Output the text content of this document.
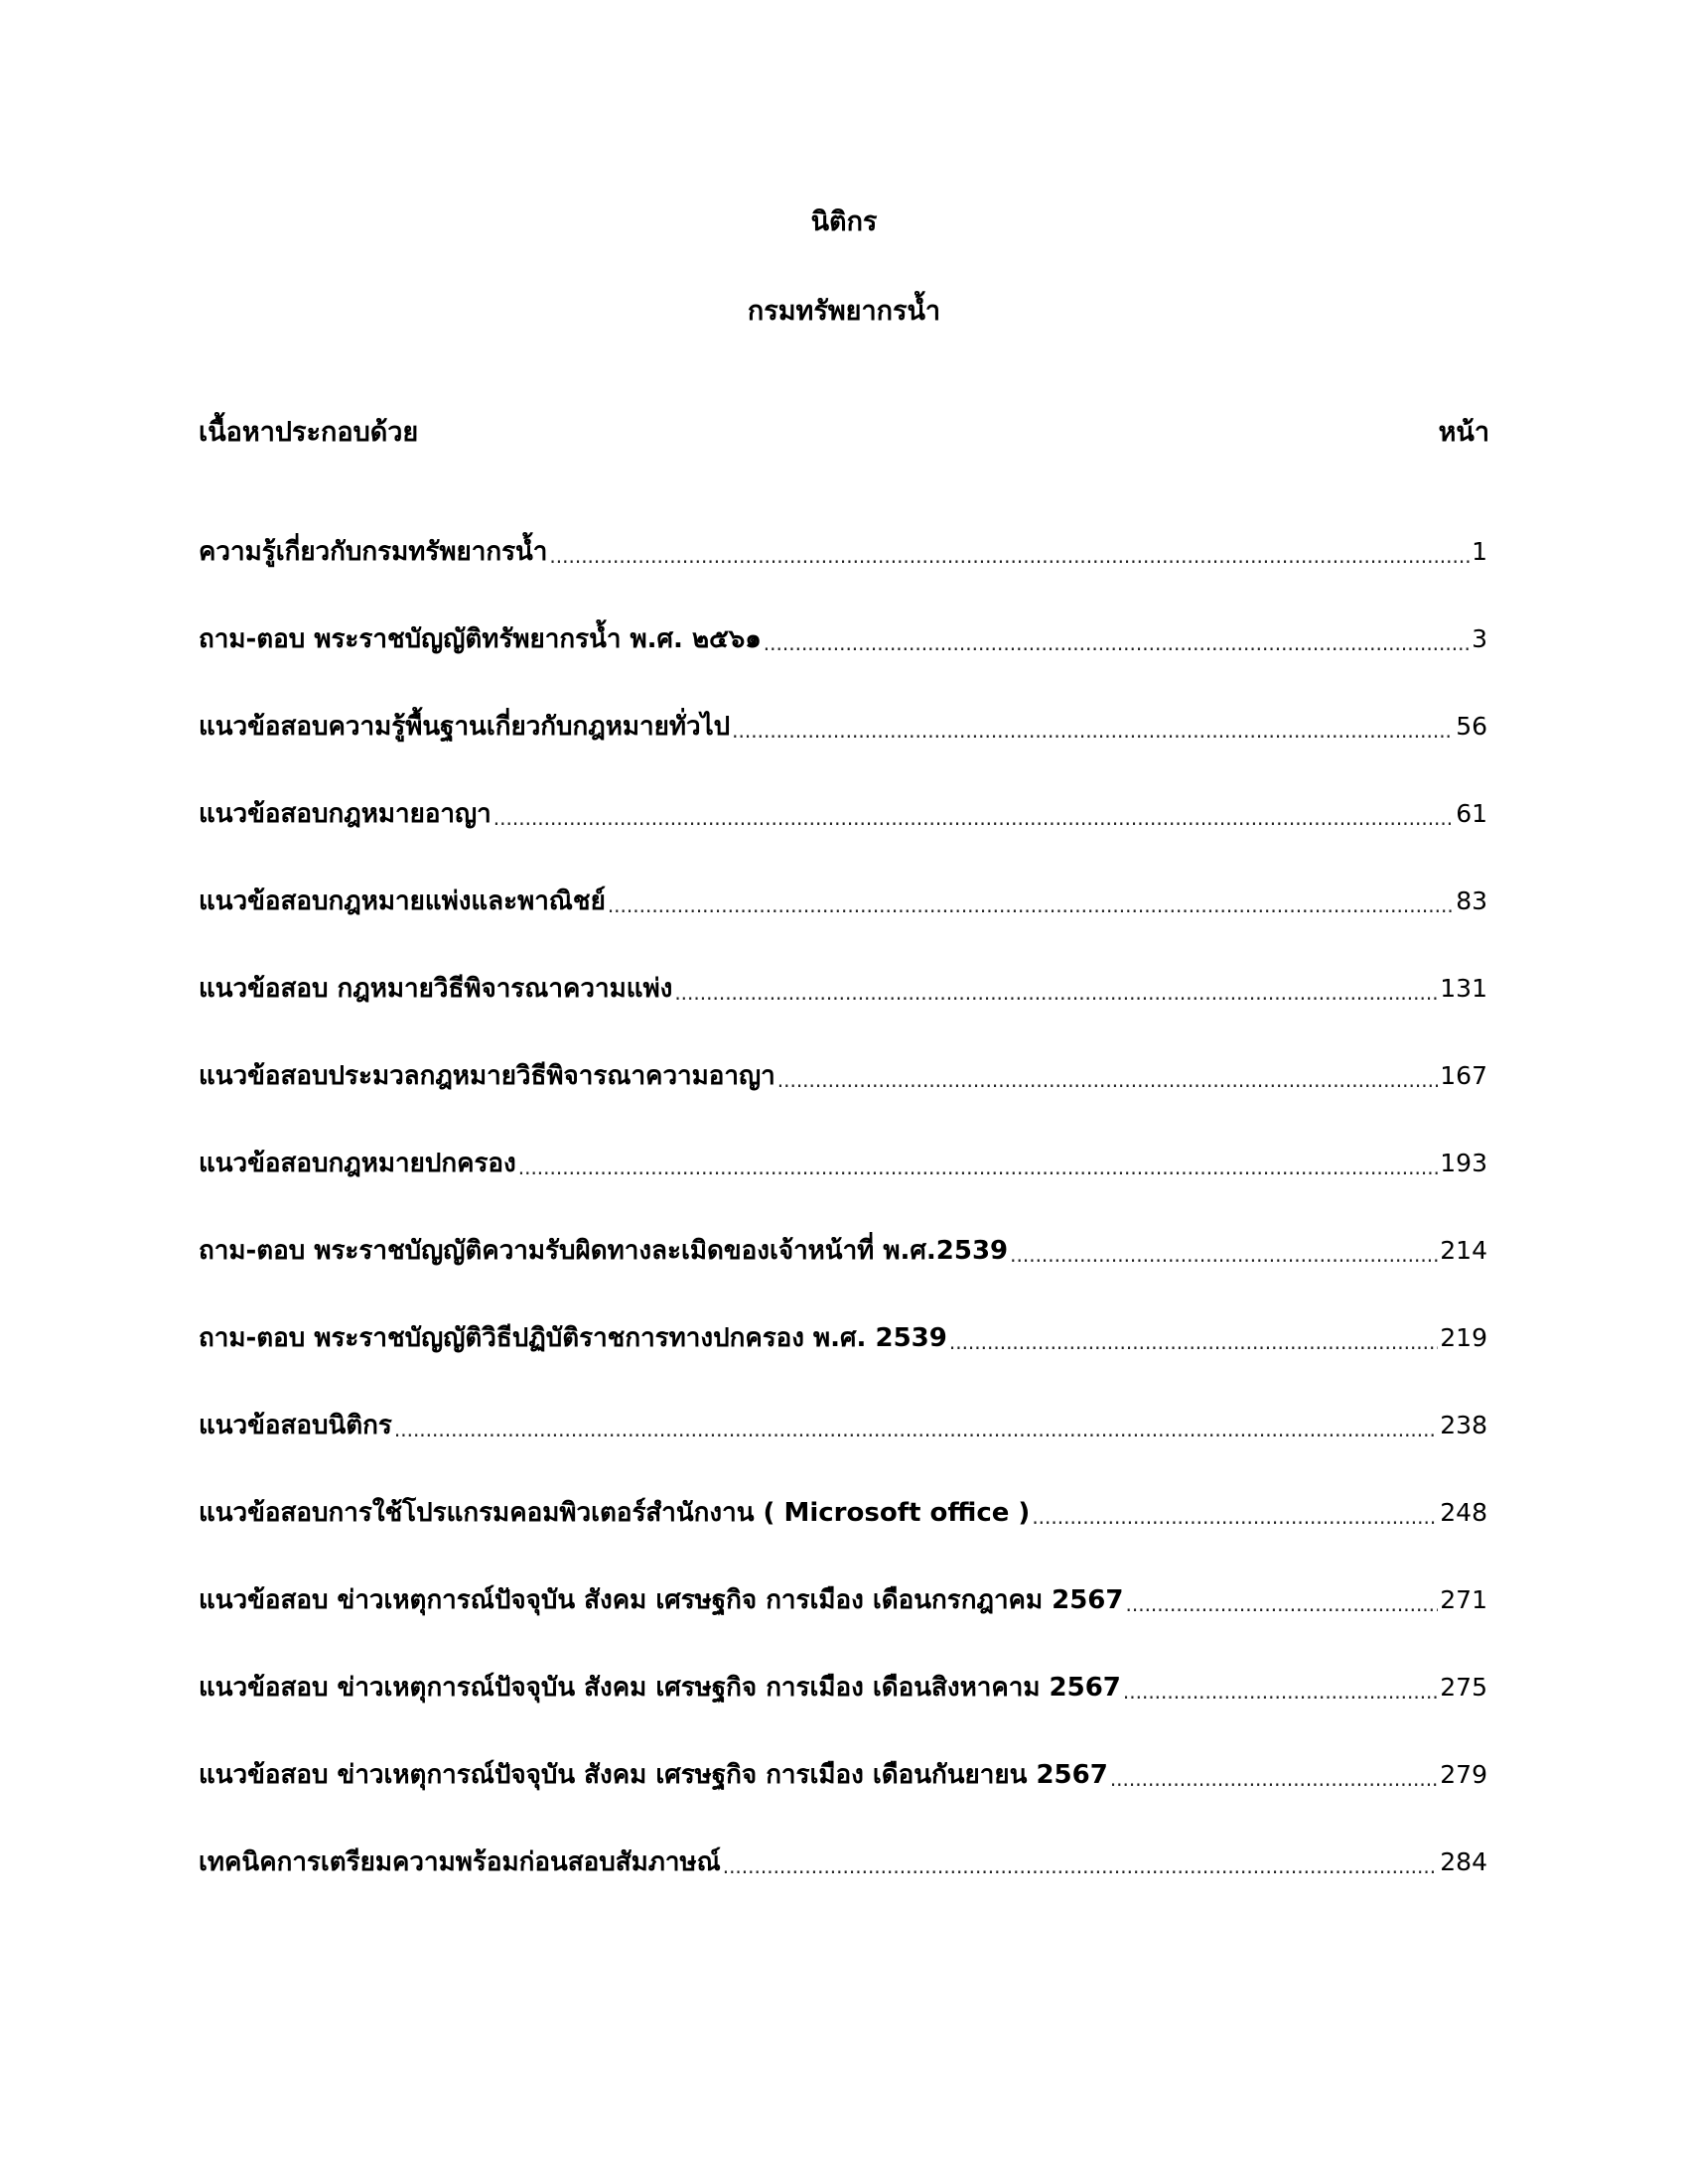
นิติกร
กรมทรัพยากรน้ำ
เนื้อหาประกอบด้วย	หน้า
ความรู้เกี่ยวกับกรมทรัพยากรน้ำ .....	1
ถาม-ตอบ พระราชบัญญัติทรัพยากรน้ำ พ.ศ. ๒๕๖๑ .....	3
แนวข้อสอบความรู้พื้นฐานเกี่ยวกับกฎหมายทั่วไป .....	56
แนวข้อสอบกฎหมายอาญา .....	61
แนวข้อสอบกฎหมายแพ่งและพาณิชย์ .....	83
แนวข้อสอบ กฎหมายวิธีพิจารณาความแพ่ง .....	131
แนวข้อสอบประมวลกฎหมายวิธีพิจารณาความอาญา .....	167
แนวข้อสอบกฎหมายปกครอง .....	193
ถาม-ตอบ พระราชบัญญัติความรับผิดทางละเมิดของเจ้าหน้าที่ พ.ศ.2539 .....	214
ถาม-ตอบ พระราชบัญญัติวิธีปฏิบัติราชการทางปกครอง พ.ศ. 2539 .....	219
แนวข้อสอบนิติกร .....	238
แนวข้อสอบการใช้โปรแกรมคอมพิวเตอร์สำนักงาน ( Microsoft office ) .....	248
แนวข้อสอบ ข่าวเหตุการณ์ปัจจุบัน สังคม เศรษฐกิจ การเมือง เดือนกรกฎาคม 2567 .....	271
แนวข้อสอบ ข่าวเหตุการณ์ปัจจุบัน สังคม เศรษฐกิจ การเมือง เดือนสิงหาคาม 2567 .....	275
แนวข้อสอบ ข่าวเหตุการณ์ปัจจุบัน สังคม เศรษฐกิจ การเมือง เดือนกันยายน 2567 .....	279
เทคนิคการเตรียมความพร้อมก่อนสอบสัมภาษณ์ .....	284
